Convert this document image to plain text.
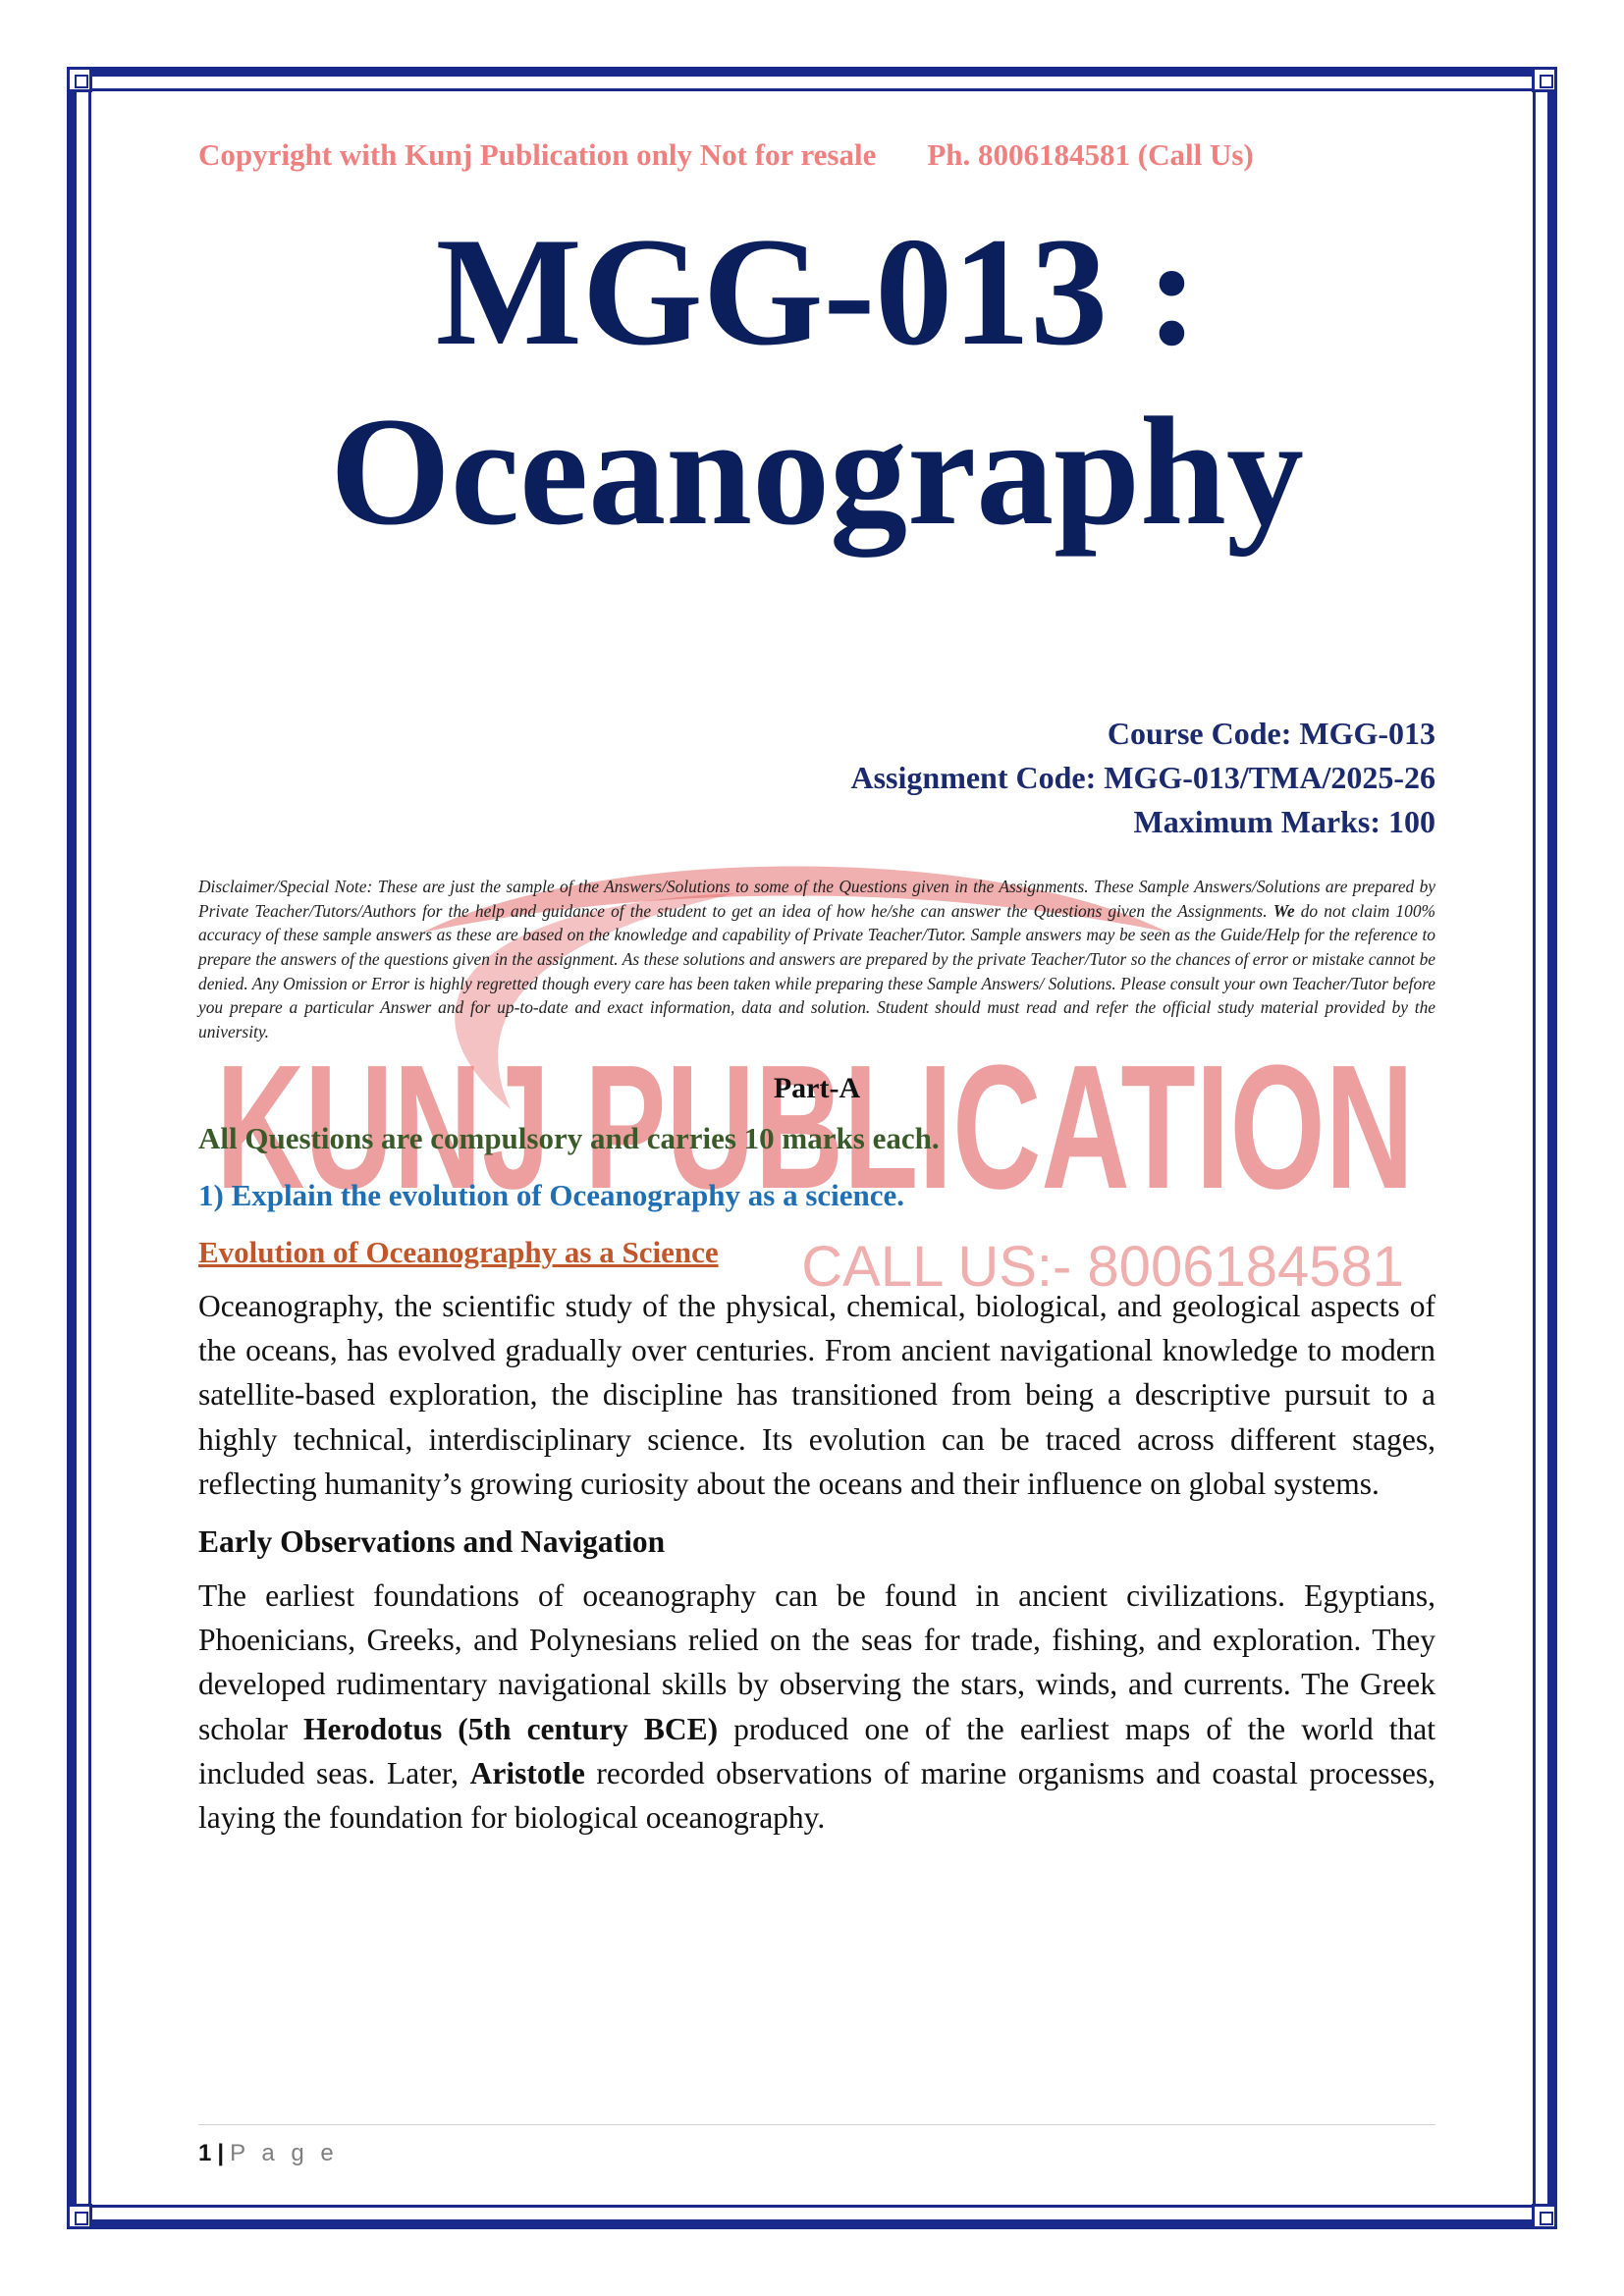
KUNJ PUBLICATION
CALL US:- 8006184581
Copyright with Kunj Publication only Not for resale Ph. 8006184581 (Call Us)
MGG-013 :
Oceanography
Course Code: MGG-013
Assignment Code: MGG-013/TMA/2025-26
Maximum Marks: 100
Disclaimer/Special Note: These are just the sample of the Answers/Solutions to some of the Questions given in the Assignments. These Sample Answers/Solutions are prepared by Private Teacher/Tutors/Authors for the help and guidance of the student to get an idea of how he/she can answer the Questions given the Assignments. We do not claim 100% accuracy of these sample answers as these are based on the knowledge and capability of Private Teacher/Tutor. Sample answers may be seen as the Guide/Help for the reference to prepare the answers of the questions given in the assignment. As these solutions and answers are prepared by the private Teacher/Tutor so the chances of error or mistake cannot be denied. Any Omission or Error is highly regretted though every care has been taken while preparing these Sample Answers/ Solutions. Please consult your own Teacher/Tutor before you prepare a particular Answer and for up-to-date and exact information, data and solution. Student should must read and refer the official study material provided by the university.
Part-A
All Questions are compulsory and carries 10 marks each.
1) Explain the evolution of Oceanography as a science.
Evolution of Oceanography as a Science

Oceanography, the scientific study of the physical, chemical, biological, and geological aspects of the oceans, has evolved gradually over centuries. From ancient navigational knowledge to modern satellite-based exploration, the discipline has transitioned from being a descriptive pursuit to a highly technical, interdisciplinary science. Its evolution can be traced across different stages, reflecting humanity’s growing curiosity about the oceans and their influence on global systems.

Early Observations and Navigation

The earliest foundations of oceanography can be found in ancient civilizations. Egyptians, Phoenicians, Greeks, and Polynesians relied on the seas for trade, fishing, and exploration. They developed rudimentary navigational skills by observing the stars, winds, and currents. The Greek scholar Herodotus (5th century BCE) produced one of the earliest maps of the world that included seas. Later, Aristotle recorded observations of marine organisms and coastal processes, laying the foundation for biological oceanography.

1 | P a g e
